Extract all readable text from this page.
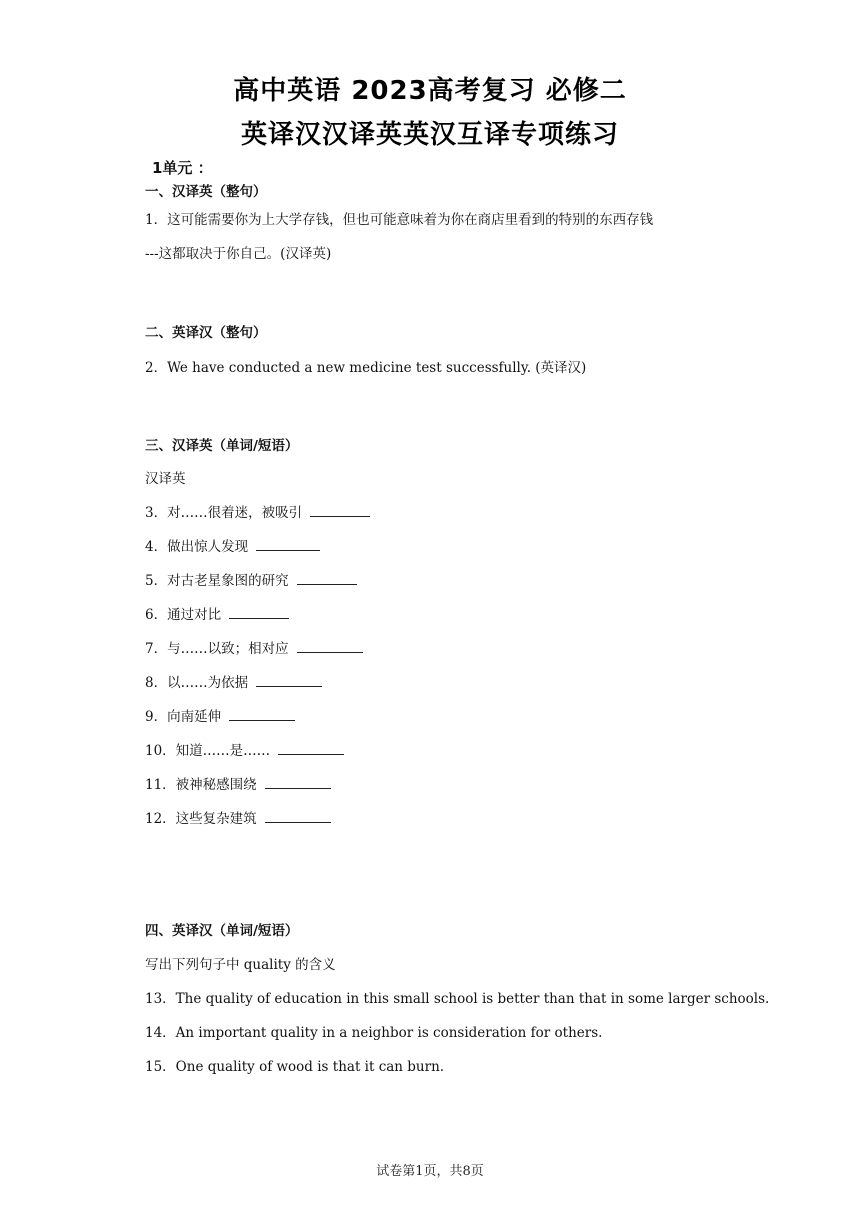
高中英语 2023高考复习 必修二
英译汉汉译英英汉互译专项练习
1单元 ：
一、汉译英（整句）
1．这可能需要你为上大学存钱，但也可能意味着为你在商店里看到的特别的东西存钱
---这都取决于你自己。(汉译英)
二、英译汉（整句）
2．We have conducted a new medicine test successfully. (英译汉)
三、汉译英（单词/短语）
汉译英
3．对……很着迷，被吸引
4．做出惊人发现
5．对古老星象图的研究
6．通过对比
7．与……以致；相对应
8．以……为依据
9．向南延伸
10．知道……是……
11．被神秘感围绕
12．这些复杂建筑
四、英译汉（单词/短语）
写出下列句子中 quality 的含义
13．The quality of education in this small school is better than that in some larger schools.
14．An important quality in a neighbor is consideration for others.
15．One quality of wood is that it can burn.
试卷第1页，共8页
